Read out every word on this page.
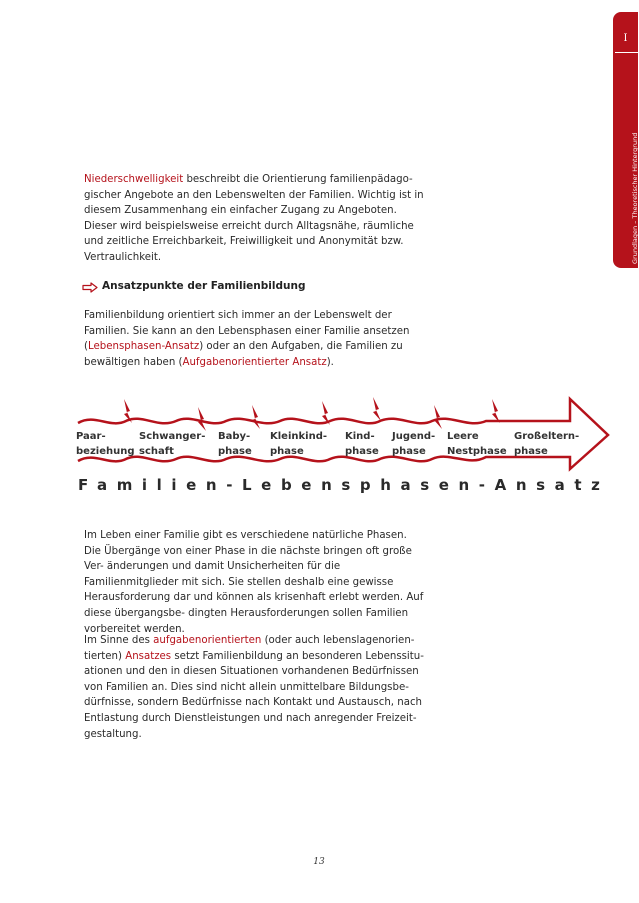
I
Grundlagen – Theoretischer Hintergrund

Niederschwelligkeit beschreibt die Orientierung familienpädago- gischer Angebote an den Lebenswelten der Familien. Wichtig ist in diesem Zusammenhang ein einfacher Zugang zu Angeboten. Dieser wird beispielsweise erreicht durch Alltagsnähe, räumliche und zeitliche Erreichbarkeit, Freiwilligkeit und Anonymität bzw. Vertraulichkeit.

Ansatzpunkte der Familienbildung

Familienbildung orientiert sich immer an der Lebenswelt der Familien. Sie kann an den Lebensphasen einer Familie ansetzen (Lebensphasen-Ansatz) oder an den Aufgaben, die Familien zu bewältigen haben (Aufgabenorientierter Ansatz).

Paar-
beziehung
Schwanger-
schaft
Baby-
phase
Kleinkind-
phase
Kind-
phase
Jugend-
phase
Leere
Nestphase
Großeltern-
phase
Familien-Lebensphasen-Ansatz

Im Leben einer Familie gibt es verschiedene natürliche Phasen. Die Übergänge von einer Phase in die nächste bringen oft große Ver- änderungen und damit Unsicherheiten für die Familienmitglieder mit sich. Sie stellen deshalb eine gewisse Herausforderung dar und können als krisenhaft erlebt werden. Auf diese übergangsbe- dingten Herausforderungen sollen Familien vorbereitet werden.

Im Sinne des aufgabenorientierten (oder auch lebenslagenorien- tierten) Ansatzes setzt Familienbildung an besonderen Lebenssitu- ationen und den in diesen Situationen vorhandenen Bedürfnissen von Familien an. Dies sind nicht allein unmittelbare Bildungsbe- dürfnisse, sondern Bedürfnisse nach Kontakt und Austausch, nach Entlastung durch Dienstleistungen und nach anregender Freizeit- gestaltung.

13
